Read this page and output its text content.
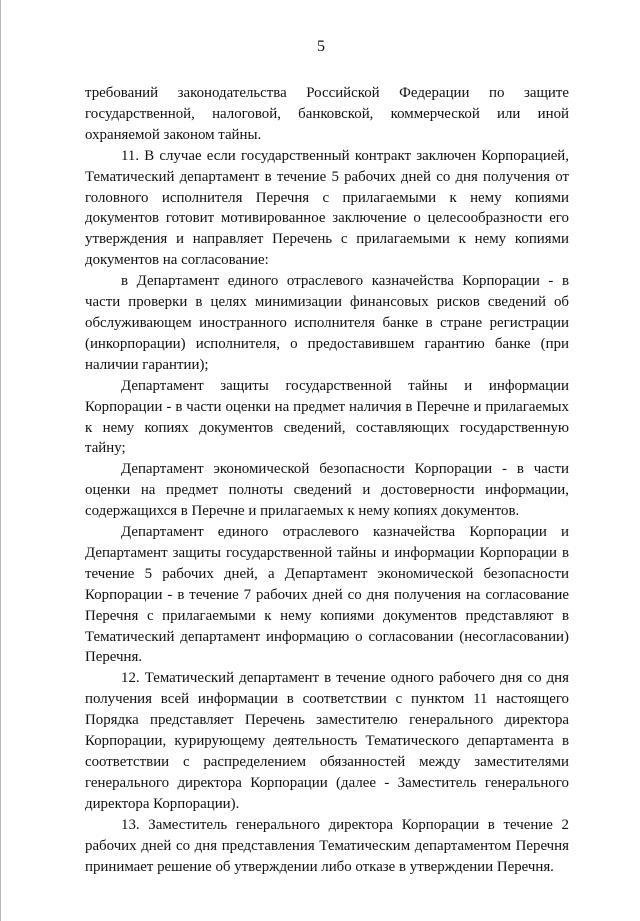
5

требований законодательства Российской Федерации по защите государственной, налоговой, банковской, коммерческой или иной охраняемой законом тайны.

11. В случае если государственный контракт заключен Корпорацией, Тематический департамент в течение 5 рабочих дней со дня получения от головного исполнителя Перечня с прилагаемыми к нему копиями документов готовит мотивированное заключение о целесообразности его утверждения и направляет Перечень с прилагаемыми к нему копиями документов на согласование:

в Департамент единого отраслевого казначейства Корпорации - в части проверки в целях минимизации финансовых рисков сведений об обслуживающем иностранного исполнителя банке в стране регистрации (инкорпорации) исполнителя, о предоставившем гарантию банке (при наличии гарантии);

Департамент защиты государственной тайны и информации Корпорации - в части оценки на предмет наличия в Перечне и прилагаемых к нему копиях документов сведений, составляющих государственную тайну;

Департамент экономической безопасности Корпорации - в части оценки на предмет полноты сведений и достоверности информации, содержащихся в Перечне и прилагаемых к нему копиях документов.

Департамент единого отраслевого казначейства Корпорации и Департамент защиты государственной тайны и информации Корпорации в течение 5 рабочих дней, а Департамент экономической безопасности Корпорации - в течение 7 рабочих дней со дня получения на согласование Перечня с прилагаемыми к нему копиями документов представляют в Тематический департамент информацию о согласовании (несогласовании) Перечня.

12. Тематический департамент в течение одного рабочего дня со дня получения всей информации в соответствии с пунктом 11 настоящего Порядка представляет Перечень заместителю генерального директора Корпорации, курирующему деятельность Тематического департамента в соответствии с распределением обязанностей между заместителями генерального директора Корпорации (далее - Заместитель генерального директора Корпорации).

13. Заместитель генерального директора Корпорации в течение 2 рабочих дней со дня представления Тематическим департаментом Перечня принимает решение об утверждении либо отказе в утверждении Перечня.
